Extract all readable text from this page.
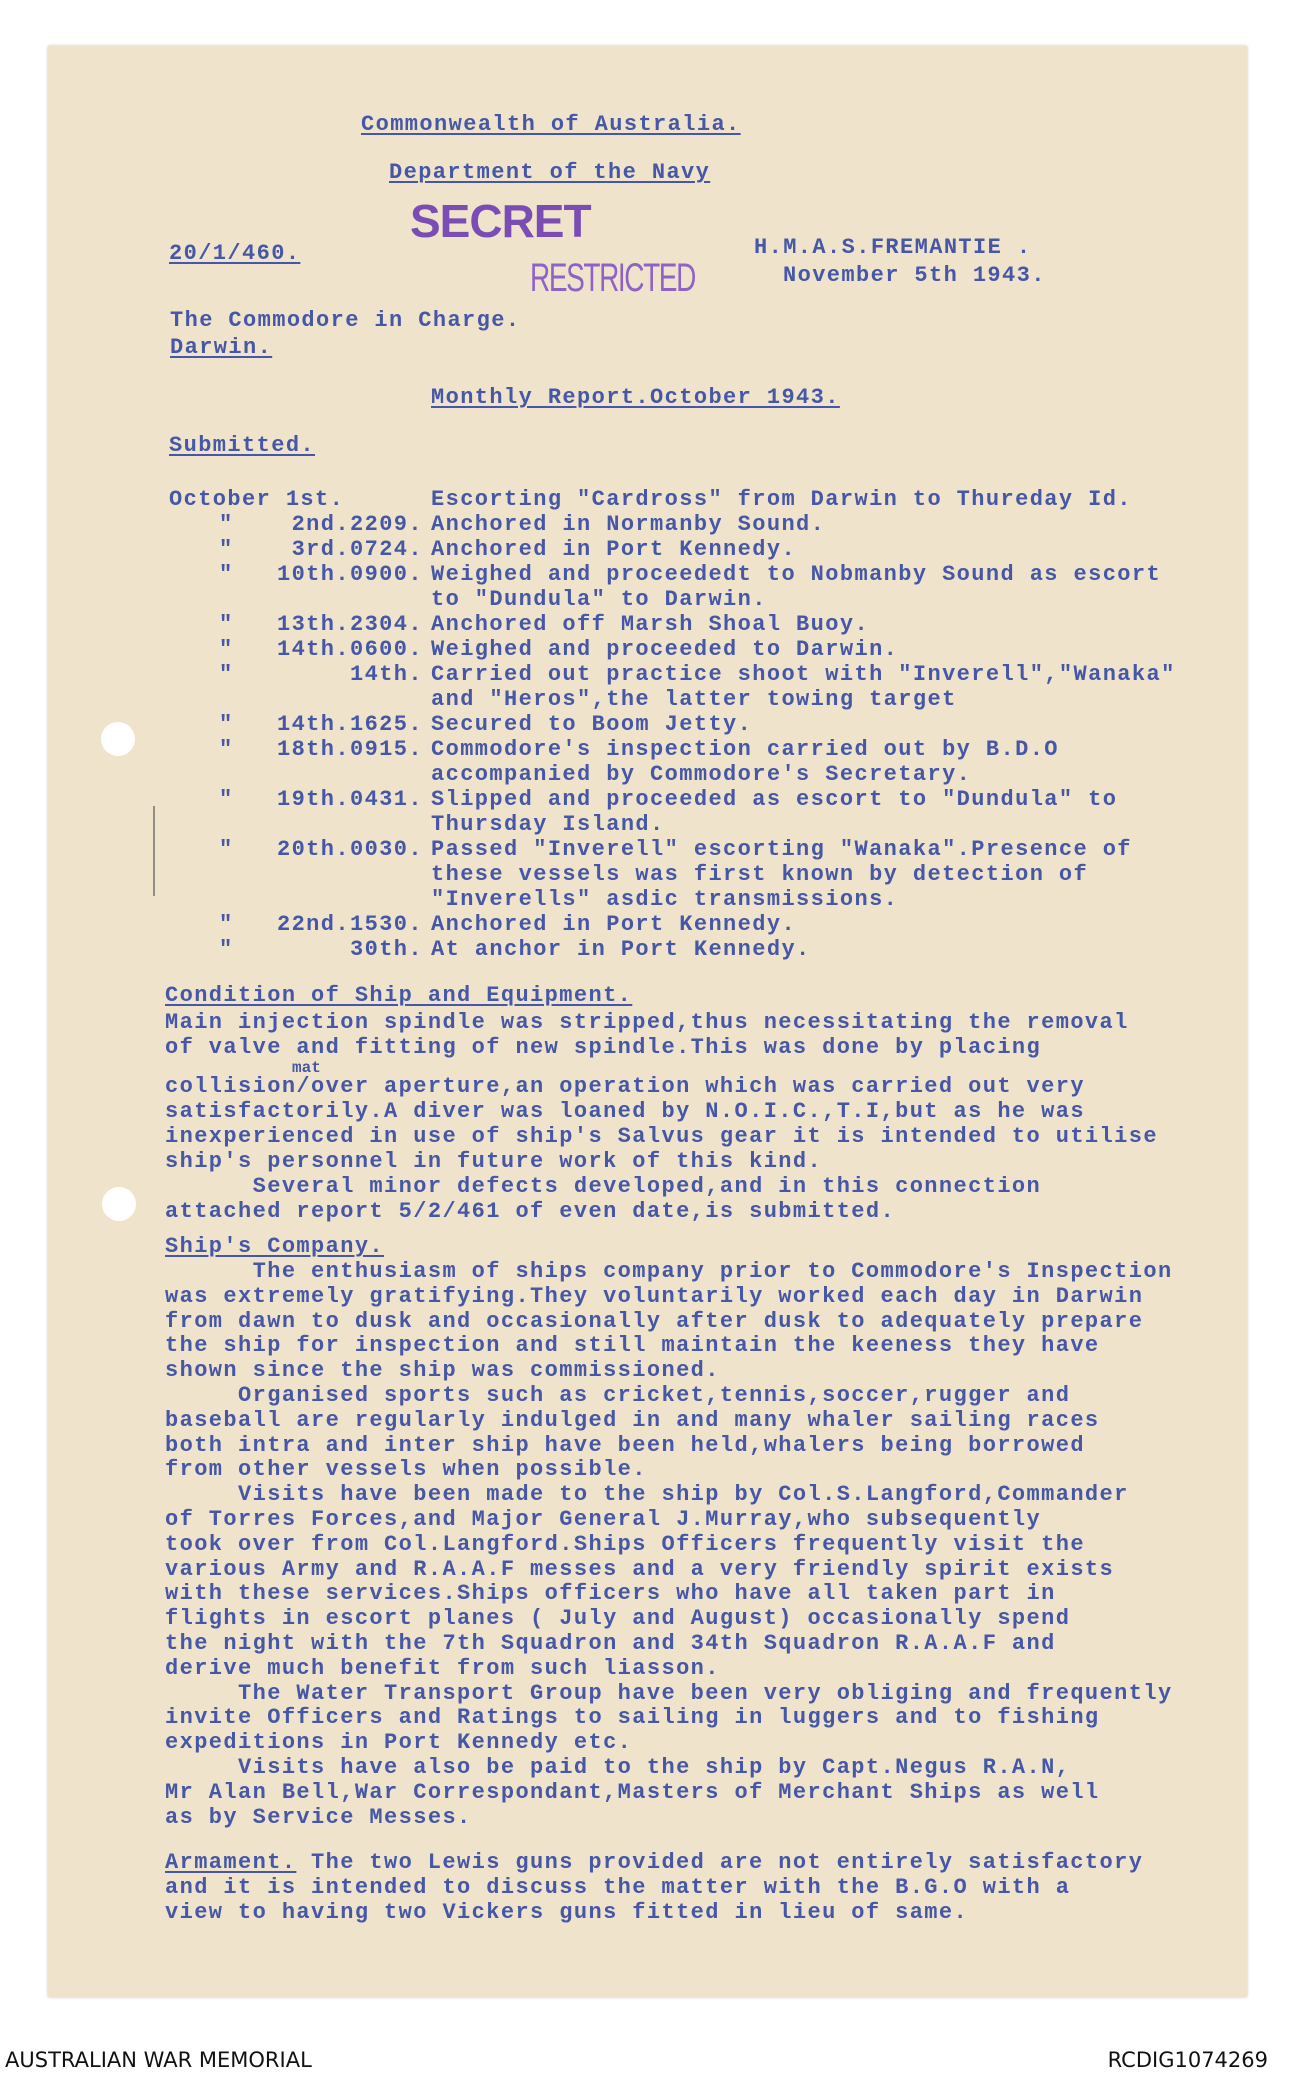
Commonwealth of Australia.
Department of the Navy
20/1/460.
SECRET
RESTRICTED
H.M.A.S.FREMANTIE .
November 5th 1943.
The Commodore in Charge.
Darwin.
Monthly Report.October 1943.
Submitted.
October 1st.	Escorting "Cardross" from Darwin to Thureday Id.
"	2nd.2209. Anchored in Normanby Sound.
"	3rd.0724. Anchored in Port Kennedy.
" 10th.0900. Weighed and proceededt to Nobmanby Sound as escort
to "Dundula" to Darwin.
" 13th.2304. Anchored off Marsh Shoal Buoy.
" 14th.0600. Weighed and proceeded to Darwin.
"	14th. Carried out practice shoot with "Inverell","Wanaka"
and "Heros",the latter towing target
" 14th.1625. Secured to Boom Jetty.
" 18th.0915. Commodore's inspection carried out by B.D.O
accompanied by Commodore's Secretary.
" 19th.0431. Slipped and proceeded as escort to "Dundula" to
Thursday Island.
" 20th.0030. Passed "Inverell" escorting "Wanaka".Presence of
these vessels was first known by detection of
"Inverells" asdic transmissions.
" 22nd.1530. Anchored in Port Kennedy.
"	30th. At anchor in Port Kennedy.
Condition of Ship and Equipment.
Main injection spindle was stripped,thus necessitating the removal
of valve and fitting of new spindle.This was done by placing
collision/over aperture,an operation which was carried out very
satisfactorily.A diver was loaned by N.O.I.C.,T.I,but as he was
inexperienced in use of ship's Salvus gear it is intended to utilise
ship's personnel in future work of this kind.
Several minor defects developed,and in this connection
attached report 5/2/461 of even date,is submitted.
mat
Ship's Company.
The enthusiasm of ships company prior to Commodore's Inspection
was extremely gratifying.They voluntarily worked each day in Darwin
from dawn to dusk and occasionally after dusk to adequately prepare
the ship for inspection and still maintain the keeness they have
shown since the ship was commissioned.
Organised sports such as cricket,tennis,soccer,rugger and
baseball are regularly indulged in and many whaler sailing races
both intra and inter ship have been held,whalers being borrowed
from other vessels when possible.
Visits have been made to the ship by Col.S.Langford,Commander
of Torres Forces,and Major General J.Murray,who subsequently
took over from Col.Langford.Ships Officers frequently visit the
various Army and R.A.A.F messes and a very friendly spirit exists
with these services.Ships officers who have all taken part in
flights in escort planes ( July and August) occasionally spend
the night with the 7th Squadron and 34th Squadron R.A.A.F and
derive much benefit from such liasson.
The Water Transport Group have been very obliging and frequently
invite Officers and Ratings to sailing in luggers and to fishing
expeditions in Port Kennedy etc.
Visits have also be paid to the ship by Capt.Negus R.A.N,
Mr Alan Bell,War Correspondant,Masters of Merchant Ships as well
as by Service Messes.
Armament. The two Lewis guns provided are not entirely satisfactory
and it is intended to discuss the matter with the B.G.O with a
view to having two Vickers guns fitted in lieu of same.
AUSTRALIAN WAR MEMORIAL	RCDIG1074269
